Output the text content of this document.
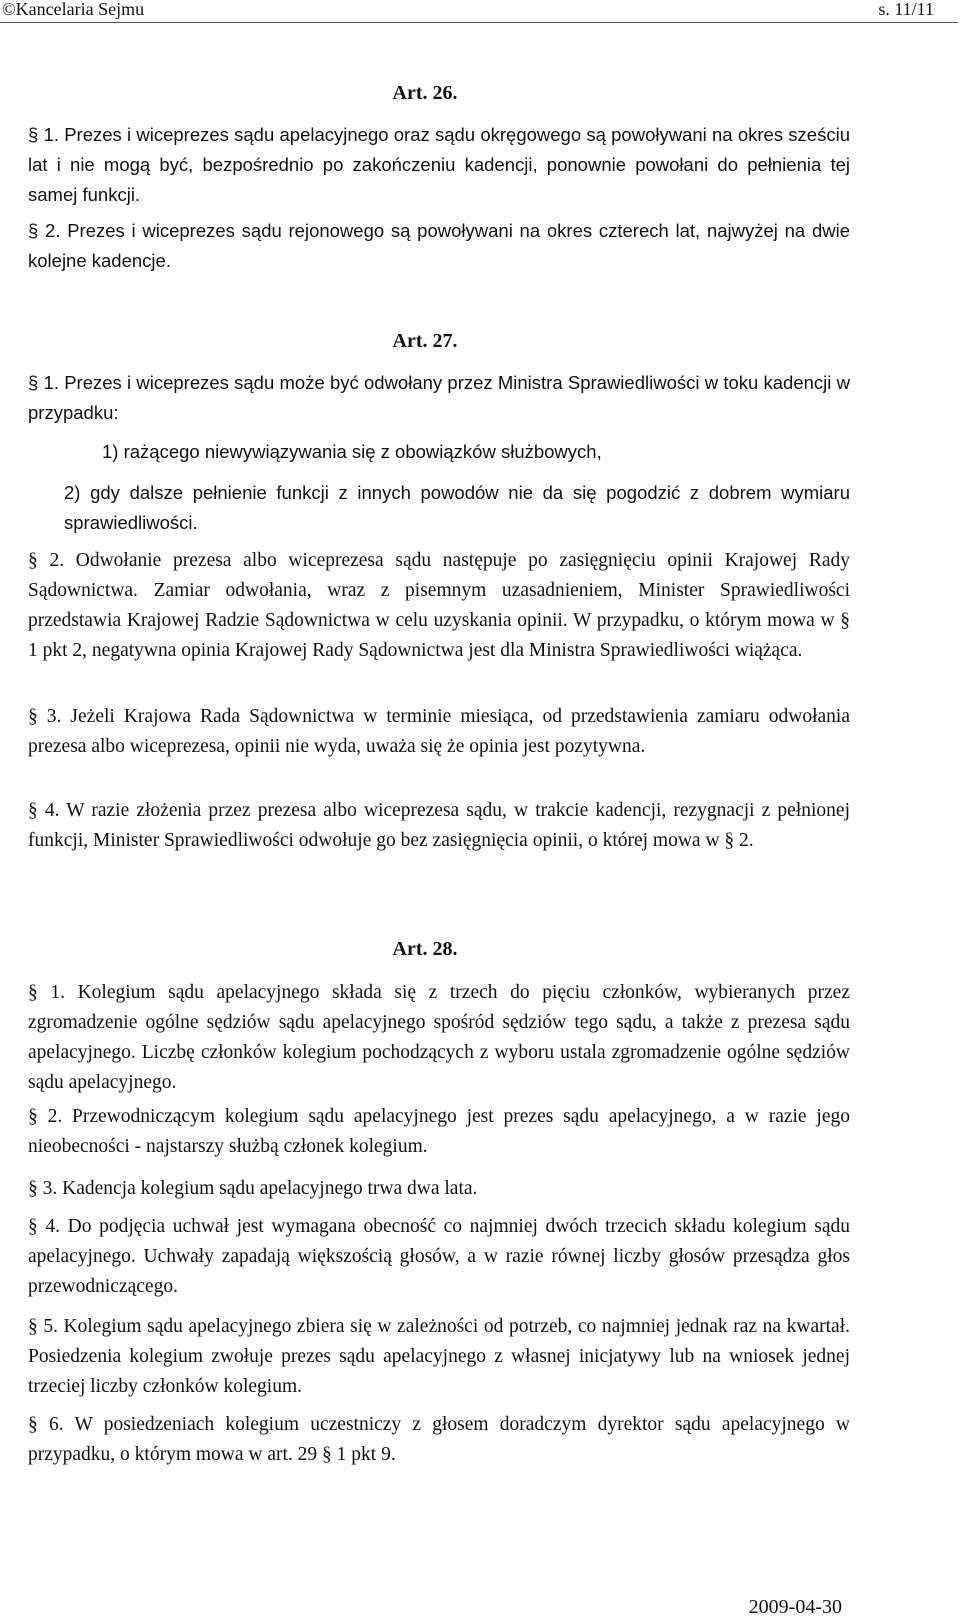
©Kancelaria Sejmu	s. 11/11
Art. 26.
§ 1. Prezes i wiceprezes sądu apelacyjnego oraz sądu okręgowego są powoływani na okres sześciu lat i nie mogą być, bezpośrednio po zakończeniu kadencji, ponownie powołani do pełnienia tej samej funkcji.
§ 2. Prezes i wiceprezes sądu rejonowego są powoływani na okres czterech lat, najwyżej na dwie kolejne kadencje.
Art. 27.
§ 1. Prezes i wiceprezes sądu może być odwołany przez Ministra Sprawiedliwości w toku kadencji w przypadku:
1) rażącego niewywiązywania się z obowiązków służbowych,
2) gdy dalsze pełnienie funkcji z innych powodów nie da się pogodzić z dobrem wymiaru sprawiedliwości.
§ 2. Odwołanie prezesa albo wiceprezesa sądu następuje po zasięgnięciu opinii Krajowej Rady Sądownictwa. Zamiar odwołania, wraz z pisemnym uzasadnieniem, Minister Sprawiedliwości przedstawia Krajowej Radzie Sądownictwa w celu uzyskania opinii. W przypadku, o którym mowa w § 1 pkt 2, negatywna opinia Krajowej Rady Sądownictwa jest dla Ministra Sprawiedliwości wiążąca.
§ 3. Jeżeli Krajowa Rada Sądownictwa w terminie miesiąca, od przedstawienia zamiaru odwołania prezesa albo wiceprezesa, opinii nie wyda, uważa się że opinia jest pozytywna.
§ 4. W razie złożenia przez prezesa albo wiceprezesa sądu, w trakcie kadencji, rezygnacji z pełnionej funkcji, Minister Sprawiedliwości odwołuje go bez zasięgnięcia opinii, o której mowa w § 2.
Art. 28.
§ 1. Kolegium sądu apelacyjnego składa się z trzech do pięciu członków, wybieranych przez zgromadzenie ogólne sędziów sądu apelacyjnego spośród sędziów tego sądu, a także z prezesa sądu apelacyjnego. Liczbę członków kolegium pochodzących z wyboru ustala zgromadzenie ogólne sędziów sądu apelacyjnego.
§ 2. Przewodniczącym kolegium sądu apelacyjnego jest prezes sądu apelacyjnego, a w razie jego nieobecności - najstarszy służbą członek kolegium.
§ 3. Kadencja kolegium sądu apelacyjnego trwa dwa lata.
§ 4. Do podjęcia uchwał jest wymagana obecność co najmniej dwóch trzecich składu kolegium sądu apelacyjnego. Uchwały zapadają większością głosów, a w razie równej liczby głosów przesądza głos przewodniczącego.
§ 5. Kolegium sądu apelacyjnego zbiera się w zależności od potrzeb, co najmniej jednak raz na kwartał. Posiedzenia kolegium zwołuje prezes sądu apelacyjnego z własnej inicjatywy lub na wniosek jednej trzeciej liczby członków kolegium.
§ 6. W posiedzeniach kolegium uczestniczy z głosem doradczym dyrektor sądu apelacyjnego w przypadku, o którym mowa w art. 29 § 1 pkt 9.
2009-04-30
